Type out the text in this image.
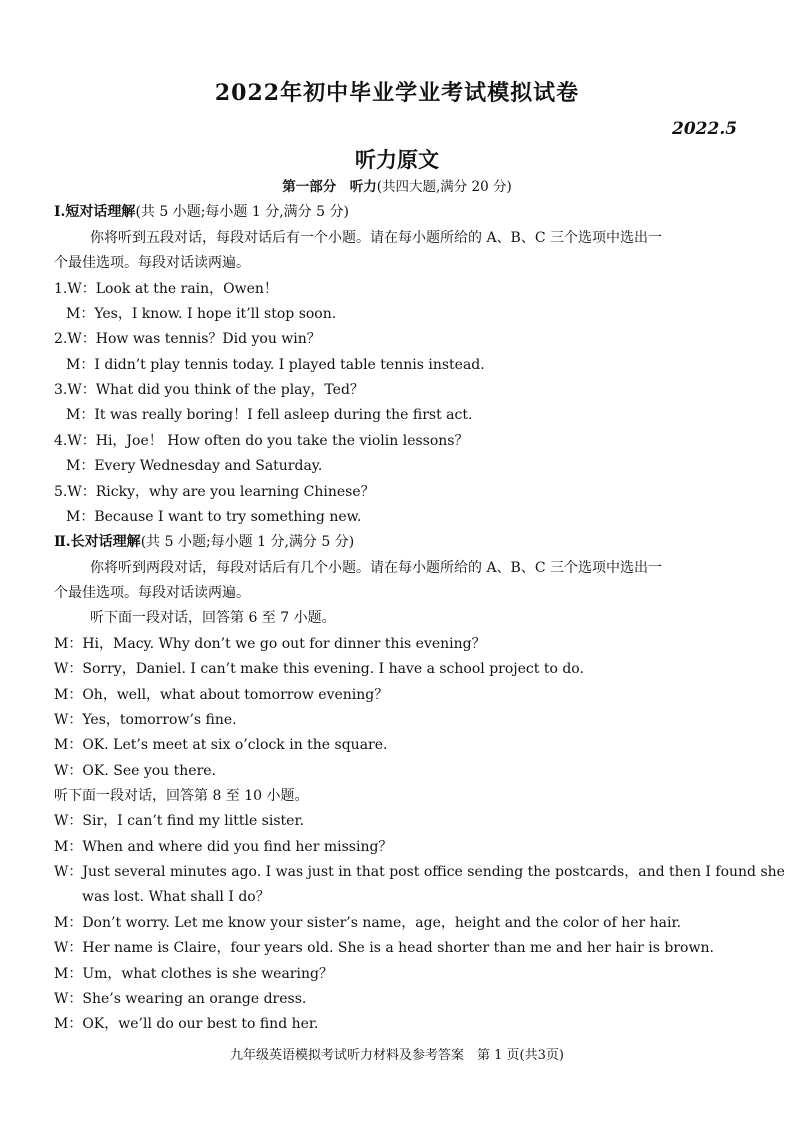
2022年初中毕业学业考试模拟试卷
2022.5
听力原文
第一部分　听力(共四大题,满分 20 分)
Ⅰ.短对话理解(共 5 小题;每小题 1 分,满分 5 分)
你将听到五段对话，每段对话后有一个小题。请在每小题所给的 A、B、C 三个选项中选出一
个最佳选项。每段对话读两遍。
1.W：Look at the rain，Owen！
M：Yes，I know. I hope it’ll stop soon.
2.W：How was tennis？Did you win？
M：I didn’t play tennis today. I played table tennis instead.
3.W：What did you think of the play，Ted？
M：It was really boring！I fell asleep during the first act.
4.W：Hi，Joe！ How often do you take the violin lessons？
M：Every Wednesday and Saturday.
5.W：Ricky，why are you learning Chinese？
M：Because I want to try something new.
Ⅱ.长对话理解(共 5 小题;每小题 1 分,满分 5 分)
你将听到两段对话，每段对话后有几个小题。请在每小题所给的 A、B、C 三个选项中选出一
个最佳选项。每段对话读两遍。
听下面一段对话，回答第 6 至 7 小题。
M：Hi，Macy. Why don’t we go out for dinner this evening？
W：Sorry，Daniel. I can’t make this evening. I have a school project to do.
M：Oh，well，what about tomorrow evening？
W：Yes，tomorrow’s fine.
M：OK. Let’s meet at six o’clock in the square.
W：OK. See you there.
听下面一段对话，回答第 8 至 10 小题。
W：Sir，I can’t find my little sister.
M：When and where did you find her missing？
W：Just several minutes ago. I was just in that post office sending the postcards，and then I found she
was lost. What shall I do？
M：Don’t worry. Let me know your sister’s name，age，height and the color of her hair.
W：Her name is Claire，four years old. She is a head shorter than me and her hair is brown.
M：Um，what clothes is she wearing？
W：She’s wearing an orange dress.
M：OK，we’ll do our best to find her.
九年级英语模拟考试听力材料及参考答案　第 1 页(共3页)
